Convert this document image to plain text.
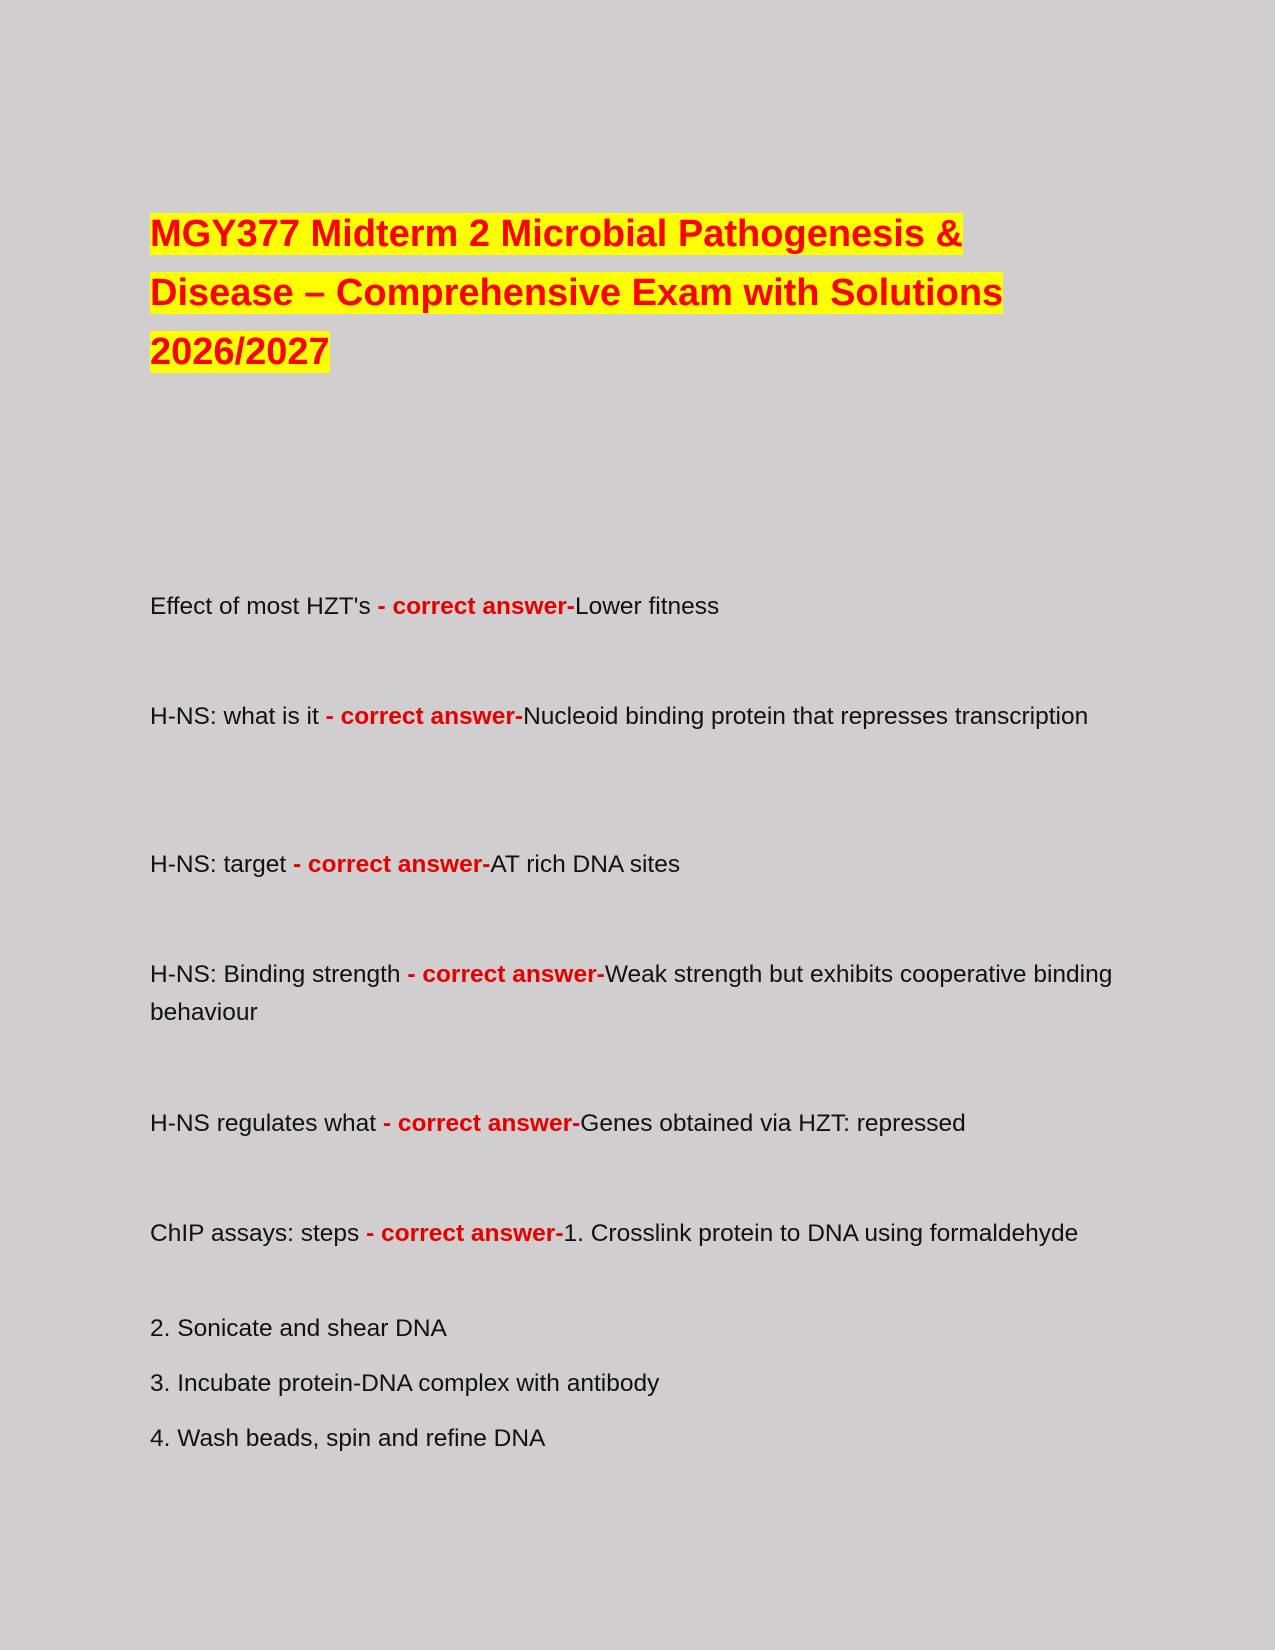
MGY377 Midterm 2 Microbial Pathogenesis &
Disease – Comprehensive Exam with Solutions
2026/2027
Effect of most HZT's - correct answer-Lower fitness
H-NS: what is it - correct answer-Nucleoid binding protein that represses transcription
H-NS: target - correct answer-AT rich DNA sites
H-NS: Binding strength - correct answer-Weak strength but exhibits cooperative binding behaviour
H-NS regulates what - correct answer-Genes obtained via HZT: repressed
ChIP assays: steps - correct answer-1. Crosslink protein to DNA using formaldehyde
2. Sonicate and shear DNA
3. Incubate protein-DNA complex with antibody
4. Wash beads, spin and refine DNA
